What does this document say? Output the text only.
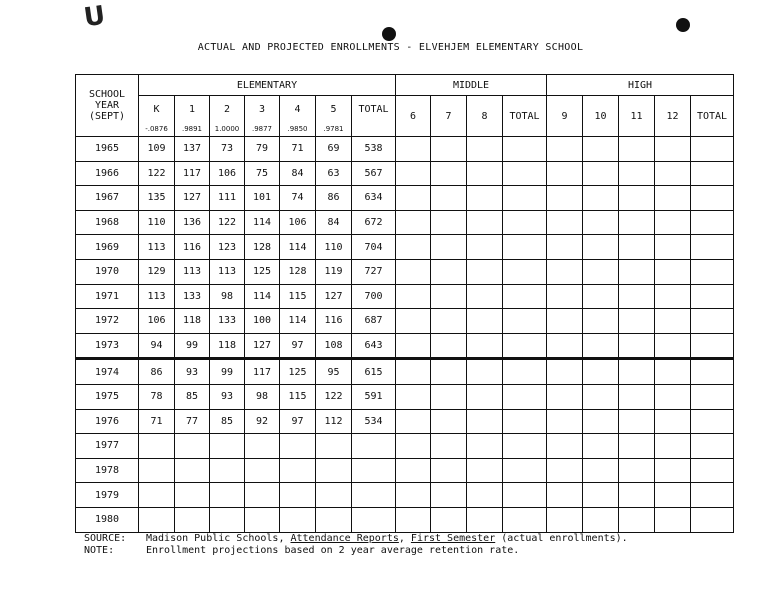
U
ACTUAL AND PROJECTED ENROLLMENTS - ELVEHJEM ELEMENTARY SCHOOL
SCHOOL
YEAR
(SEPT)	ELEMENTARY							MIDDLE				HIGH				
	K	1	2	3	4	5	TOTAL	6	7	8	TOTAL	9	10	11	12	TOTAL
	-.0876	.9891	1.0000	.9877	.9850	.9781										
1965	109	137	73	79	71	69	538									
1966	122	117	106	75	84	63	567									
1967	135	127	111	101	74	86	634									
1968	110	136	122	114	106	84	672									
1969	113	116	123	128	114	110	704									
1970	129	113	113	125	128	119	727									
1971	113	133	98	114	115	127	700									
1972	106	118	133	100	114	116	687									
1973	94	99	118	127	97	108	643									
1974	86	93	99	117	125	95	615									
1975	78	85	93	98	115	122	591									
1976	71	77	85	92	97	112	534									
1977																
1978																
1979																
1980																
SOURCE: Madison Public Schools, Attendance Reports, First Semester (actual enrollments).
NOTE:	Enrollment projections based on 2 year average retention rate.
